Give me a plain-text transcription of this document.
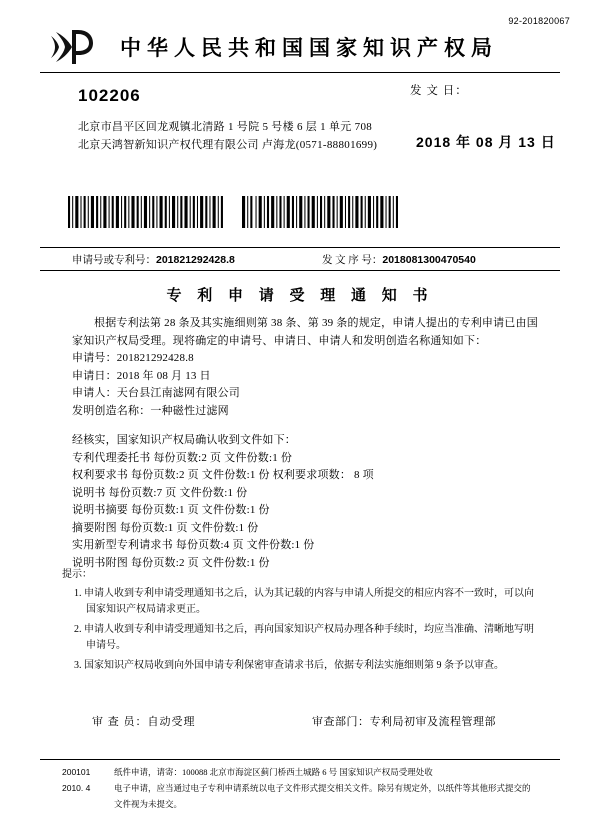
92-201820067
中华人民共和国国家知识产权局
102206
北京市昌平区回龙观镇北清路 1 号院 5 号楼 6 层 1 单元 708
北京天鸿智新知识产权代理有限公司 卢海龙(0571-88801699)
发 文 日：
2018 年 08 月 13 日
申请号或专利号：201821292428.8	发 文 序 号：2018081300470540
专 利 申 请 受 理 通 知 书

根据专利法第 28 条及其实施细则第 38 条、第 39 条的规定，申请人提出的专利申请已由国家知识产权局受理。现将确定的申请号、申请日、申请人和发明创造名称通知如下：

申请号：201821292428.8

申请日：2018 年 08 月 13 日

申请人：天台县江南滤网有限公司

发明创造名称：一种磁性过滤网

经核实，国家知识产权局确认收到文件如下：

专利代理委托书 每份页数:2 页 文件份数:1 份

权利要求书 每份页数:2 页 文件份数:1 份 权利要求项数： 8 项

说明书 每份页数:7 页 文件份数:1 份

说明书摘要 每份页数:1 页 文件份数:1 份

摘要附图 每份页数:1 页 文件份数:1 份

实用新型专利请求书 每份页数:4 页 文件份数:1 份

说明书附图 每份页数:2 页 文件份数:1 份

提示：
1. 申请人收到专利申请受理通知书之后，认为其记载的内容与申请人所提交的相应内容不一致时，可以向国家知识产权局请求更正。
2. 申请人收到专利申请受理通知书之后，再向国家知识产权局办理各种手续时，均应当准确、清晰地写明申请号。
3. 国家知识产权局收到向外国申请专利保密审查请求书后，依据专利法实施细则第 9 条予以审查。
审 查 员：自动受理	审查部门：专利局初审及流程管理部
200101
2010. 4
纸件申请，请寄：100088 北京市海淀区蓟门桥西土城路 6 号 国家知识产权局受理处收
电子申请，应当通过电子专利申请系统以电子文件形式提交相关文件。除另有规定外，以纸件等其他形式提交的
文件视为未提交。
